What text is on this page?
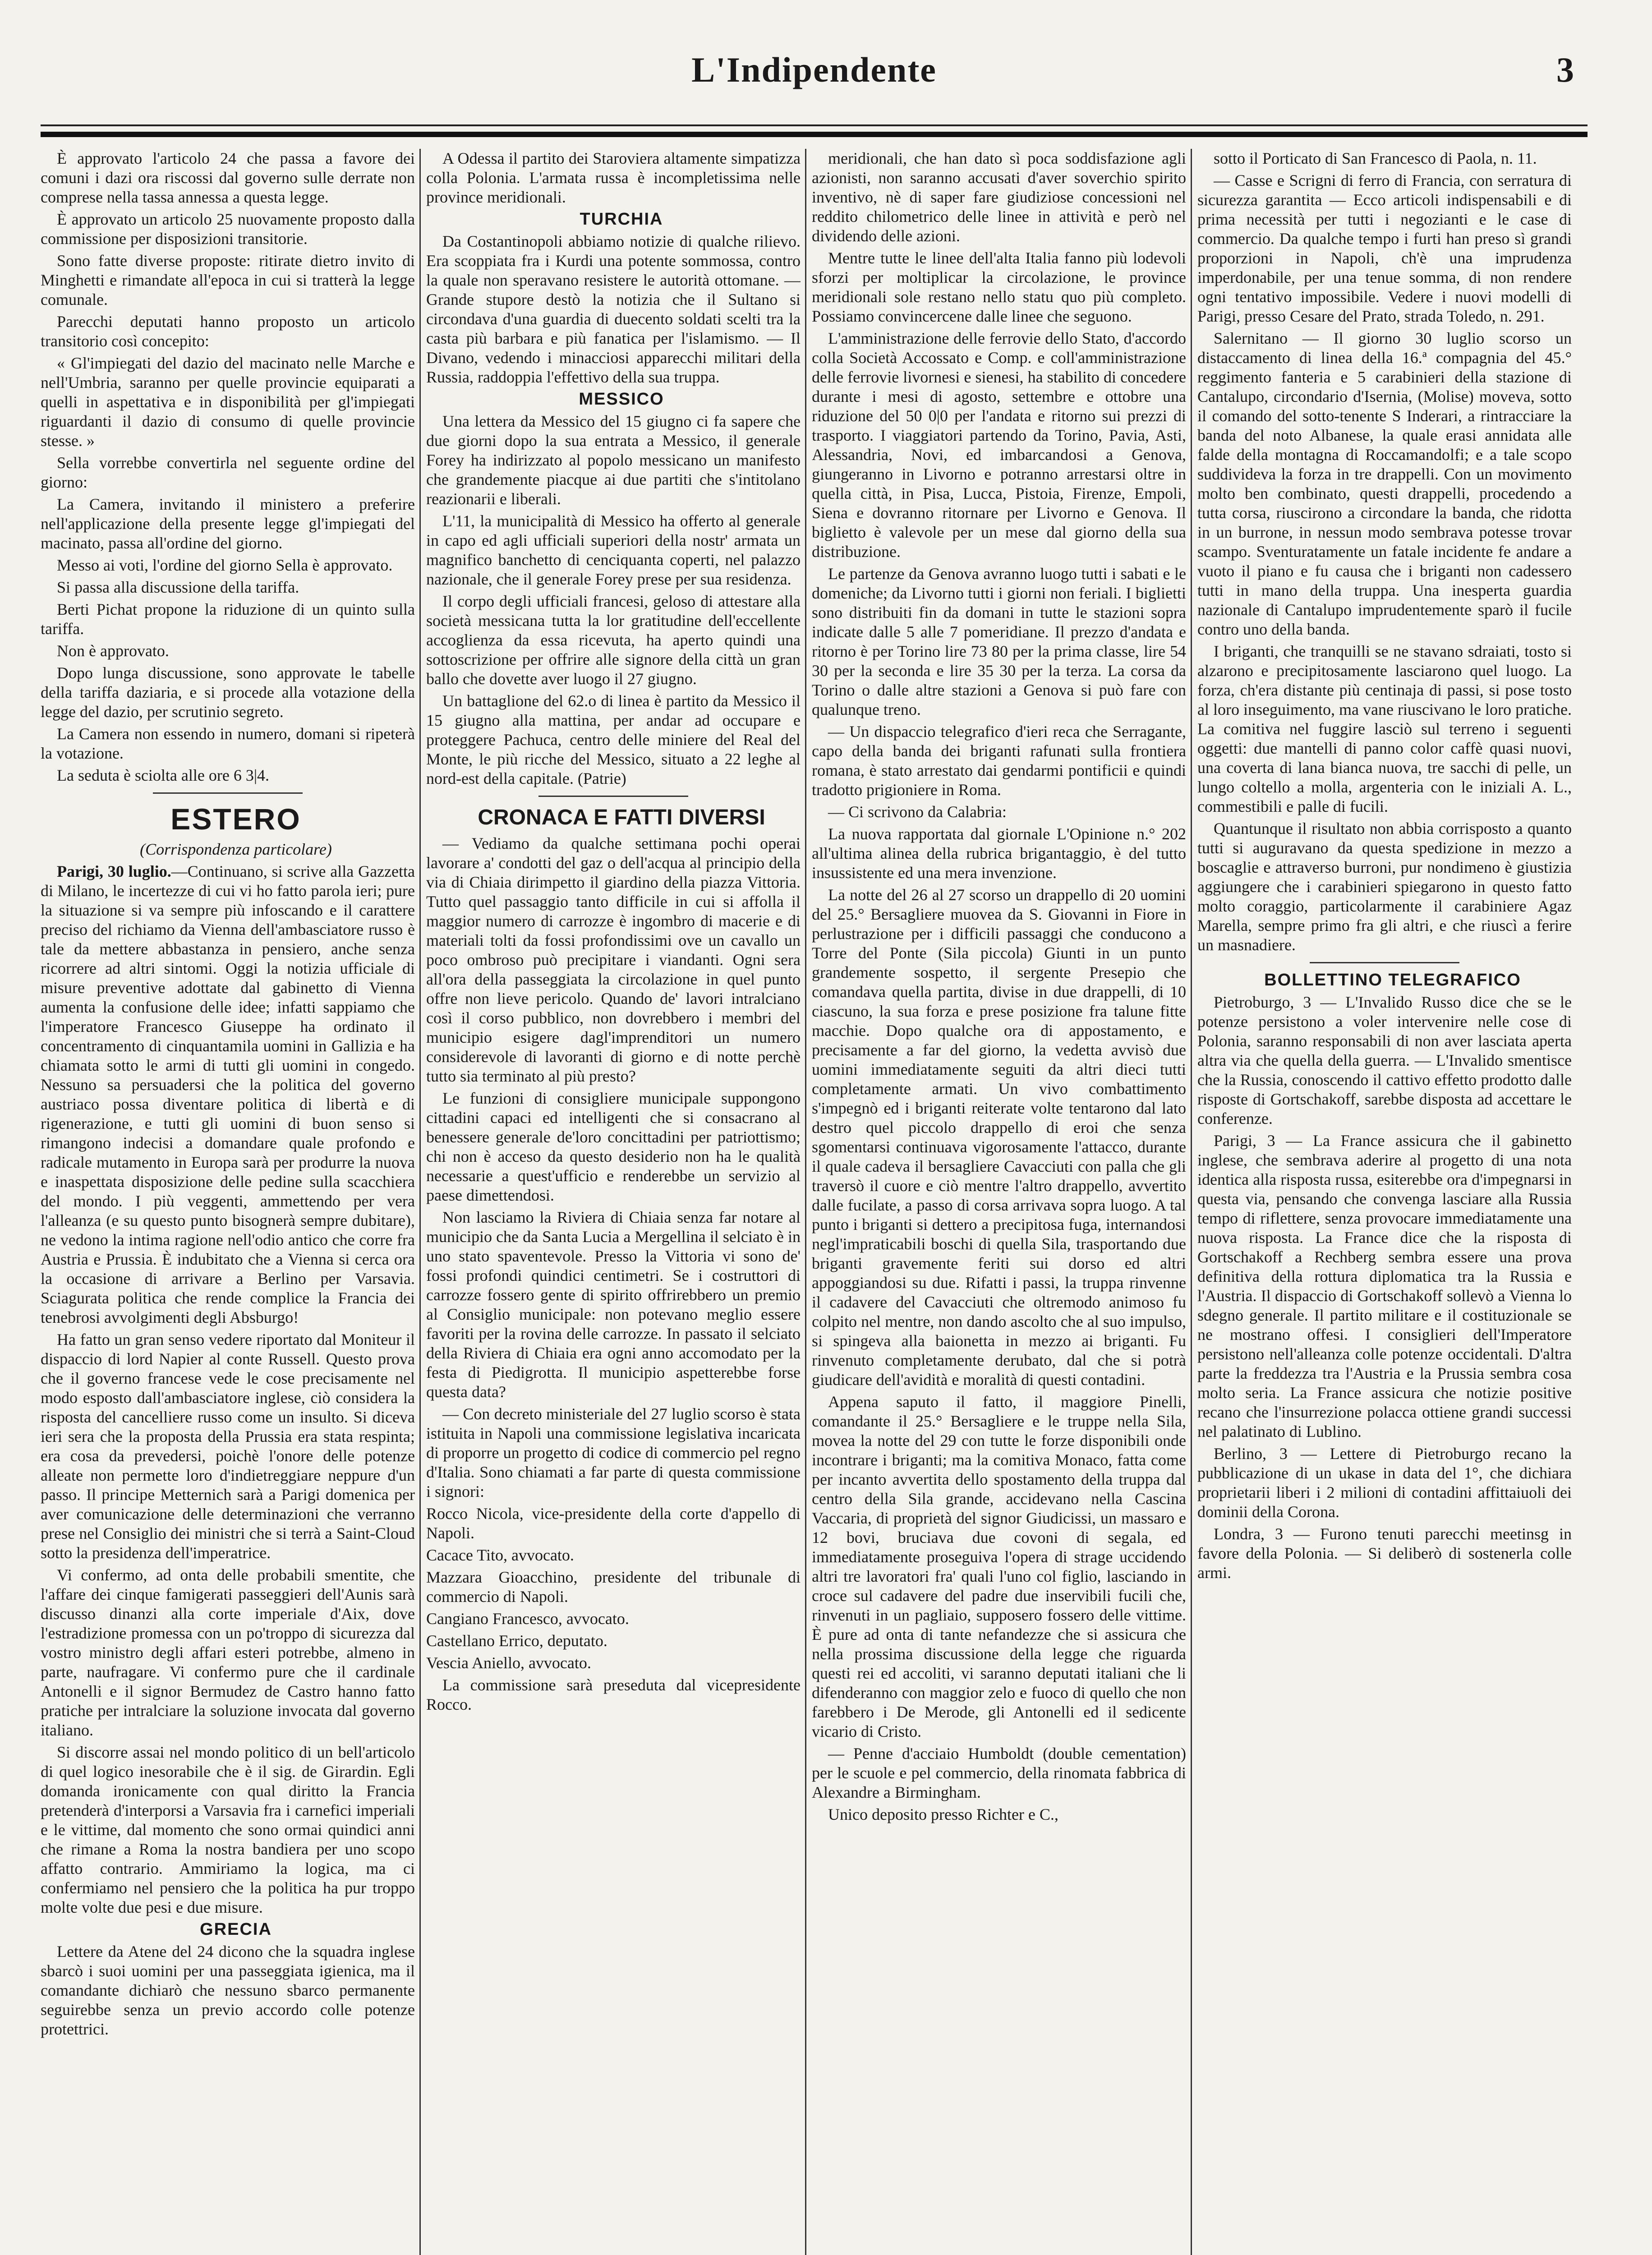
L'Indipendente	3

È approvato l'articolo 24 che passa a favore dei comuni i dazi ora riscossi dal governo sulle derrate non comprese nella tassa annessa a questa legge.

È approvato un articolo 25 nuovamente proposto dalla commissione per disposizioni transitorie.

Sono fatte diverse proposte: ritirate dietro invito di Minghetti e rimandate all'epoca in cui si tratterà la legge comunale.

Parecchi deputati hanno proposto un articolo transitorio così concepito:

« Gl'impiegati del dazio del macinato nelle Marche e nell'Umbria, saranno per quelle provincie equiparati a quelli in aspettativa e in disponibilità per gl'impiegati riguardanti il dazio di consumo di quelle provincie stesse. »

Sella vorrebbe convertirla nel seguente ordine del giorno:

La Camera, invitando il ministero a preferire nell'applicazione della presente legge gl'impiegati del macinato, passa all'ordine del giorno.

Messo ai voti, l'ordine del giorno Sella è approvato.

Si passa alla discussione della tariffa.

Berti Pichat propone la riduzione di un quinto sulla tariffa.

Non è approvato.

Dopo lunga discussione, sono approvate le tabelle della tariffa daziaria, e si procede alla votazione della legge del dazio, per scrutinio segreto.

La Camera non essendo in numero, domani si ripeterà la votazione.

La seduta è sciolta alle ore 6 3|4.

ESTERO

(Corrispondenza particolare)

Parigi, 30 luglio.—Continuano, si scrive alla Gazzetta di Milano, le incertezze di cui vi ho fatto parola ieri; pure la situazione si va sempre più infoscando e il carattere preciso del richiamo da Vienna dell'ambasciatore russo è tale da mettere abbastanza in pensiero, anche senza ricorrere ad altri sintomi. Oggi la notizia ufficiale di misure preventive adottate dal gabinetto di Vienna aumenta la confusione delle idee; infatti sappiamo che l'imperatore Francesco Giuseppe ha ordinato il concentramento di cinquantamila uomini in Gallizia e ha chiamata sotto le armi di tutti gli uomini in congedo. Nessuno sa persuadersi che la politica del governo austriaco possa diventare politica di libertà e di rigenerazione, e tutti gli uomini di buon senso si rimangono indecisi a domandare quale profondo e radicale mutamento in Europa sarà per produrre la nuova e inaspettata disposizione delle pedine sulla scacchiera del mondo. I più veggenti, ammettendo per vera l'alleanza (e su questo punto bisognerà sempre dubitare), ne vedono la intima ragione nell'odio antico che corre fra Austria e Prussia. È indubitato che a Vienna si cerca ora la occasione di arrivare a Berlino per Varsavia. Sciagurata politica che rende complice la Francia dei tenebrosi avvolgimenti degli Absburgo!

Ha fatto un gran senso vedere riportato dal Moniteur il dispaccio di lord Napier al conte Russell. Questo prova che il governo francese vede le cose precisamente nel modo esposto dall'ambasciatore inglese, ciò considera la risposta del cancelliere russo come un insulto. Si diceva ieri sera che la proposta della Prussia era stata respinta; era cosa da prevedersi, poichè l'onore delle potenze alleate non permette loro d'indietreggiare neppure d'un passo. Il principe Metternich sarà a Parigi domenica per aver comunicazione delle determinazioni che verranno prese nel Consiglio dei ministri che si terrà a Saint-Cloud sotto la presidenza dell'imperatrice.

Vi confermo, ad onta delle probabili smentite, che l'affare dei cinque famigerati passeggieri dell'Aunis sarà discusso dinanzi alla corte imperiale d'Aix, dove l'estradizione promessa con un po'troppo di sicurezza dal vostro ministro degli affari esteri potrebbe, almeno in parte, naufragare. Vi confermo pure che il cardinale Antonelli e il signor Bermudez de Castro hanno fatto pratiche per intralciare la soluzione invocata dal governo italiano.

Si discorre assai nel mondo politico di un bell'articolo di quel logico inesorabile che è il sig. de Girardin. Egli domanda ironicamente con qual diritto la Francia pretenderà d'interporsi a Varsavia fra i carnefici imperiali e le vittime, dal momento che sono ormai quindici anni che rimane a Roma la nostra bandiera per uno scopo affatto contrario. Ammiriamo la logica, ma ci confermiamo nel pensiero che la politica ha pur troppo molte volte due pesi e due misure.

GRECIA

Lettere da Atene del 24 dicono che la squadra inglese sbarcò i suoi uomini per una passeggiata igienica, ma il comandante dichiarò che nessuno sbarco permanente seguirebbe senza un previo accordo colle potenze protettrici.

A Odessa il partito dei Staroviera altamente simpatizza colla Polonia. L'armata russa è incompletissima nelle province meridionali.

TURCHIA

Da Costantinopoli abbiamo notizie di qualche rilievo. Era scoppiata fra i Kurdi una potente sommossa, contro la quale non speravano resistere le autorità ottomane. — Grande stupore destò la notizia che il Sultano si circondava d'una guardia di duecento soldati scelti tra la casta più barbara e più fanatica per l'islamismo. — Il Divano, vedendo i minacciosi apparecchi militari della Russia, raddoppia l'effettivo della sua truppa.

MESSICO

Una lettera da Messico del 15 giugno ci fa sapere che due giorni dopo la sua entrata a Messico, il generale Forey ha indirizzato al popolo messicano un manifesto che grandemente piacque ai due partiti che s'intitolano reazionarii e liberali.

L'11, la municipalità di Messico ha offerto al generale in capo ed agli ufficiali superiori della nostr' armata un magnifico banchetto di cenciquanta coperti, nel palazzo nazionale, che il generale Forey prese per sua residenza.

Il corpo degli ufficiali francesi, geloso di attestare alla società messicana tutta la lor gratitudine dell'eccellente accoglienza da essa ricevuta, ha aperto quindi una sottoscrizione per offrire alle signore della città un gran ballo che dovette aver luogo il 27 giugno.

Un battaglione del 62.o di linea è partito da Messico il 15 giugno alla mattina, per andar ad occupare e proteggere Pachuca, centro delle miniere del Real del Monte, le più ricche del Messico, situato a 22 leghe al nord-est della capitale. (Patrie)

CRONACA E FATTI DIVERSI

— Vediamo da qualche settimana pochi operai lavorare a' condotti del gaz o dell'acqua al principio della via di Chiaia dirimpetto il giardino della piazza Vittoria. Tutto quel passaggio tanto difficile in cui si affolla il maggior numero di carrozze è ingombro di macerie e di materiali tolti da fossi profondissimi ove un cavallo un poco ombroso può precipitare i viandanti. Ogni sera all'ora della passeggiata la circolazione in quel punto offre non lieve pericolo. Quando de' lavori intralciano così il corso pubblico, non dovrebbero i membri del municipio esigere dagl'imprenditori un numero considerevole di lavoranti di giorno e di notte perchè tutto sia terminato al più presto?

Le funzioni di consigliere municipale suppongono cittadini capaci ed intelligenti che si consacrano al benessere generale de'loro concittadini per patriottismo; chi non è acceso da questo desiderio non ha le qualità necessarie a quest'ufficio e renderebbe un servizio al paese dimettendosi.

Non lasciamo la Riviera di Chiaia senza far notare al municipio che da Santa Lucia a Mergellina il selciato è in uno stato spaventevole. Presso la Vittoria vi sono de' fossi profondi quindici centimetri. Se i costruttori di carrozze fossero gente di spirito offrirebbero un premio al Consiglio municipale: non potevano meglio essere favoriti per la rovina delle carrozze. In passato il selciato della Riviera di Chiaia era ogni anno accomodato per la festa di Piedigrotta. Il municipio aspetterebbe forse questa data?

— Con decreto ministeriale del 27 luglio scorso è stata istituita in Napoli una commissione legislativa incaricata di proporre un progetto di codice di commercio pel regno d'Italia. Sono chiamati a far parte di questa commissione i signori:

Rocco Nicola, vice-presidente della corte d'appello di Napoli.

Cacace Tito, avvocato.

Mazzara Gioacchino, presidente del tribunale di commercio di Napoli.

Cangiano Francesco, avvocato.

Castellano Errico, deputato.

Vescia Aniello, avvocato.

La commissione sarà preseduta dal vicepresidente Rocco.

meridionali, che han dato sì poca soddisfazione agli azionisti, non saranno accusati d'aver soverchio spirito inventivo, nè di saper fare giudiziose concessioni nel reddito chilometrico delle linee in attività e però nel dividendo delle azioni.

Mentre tutte le linee dell'alta Italia fanno più lodevoli sforzi per moltiplicar la circolazione, le province meridionali sole restano nello statu quo più completo. Possiamo convincercene dalle linee che seguono.

L'amministrazione delle ferrovie dello Stato, d'accordo colla Società Accossato e Comp. e coll'amministrazione delle ferrovie livornesi e sienesi, ha stabilito di concedere durante i mesi di agosto, settembre e ottobre una riduzione del 50 0|0 per l'andata e ritorno sui prezzi di trasporto. I viaggiatori partendo da Torino, Pavia, Asti, Alessandria, Novi, ed imbarcandosi a Genova, giungeranno in Livorno e potranno arrestarsi oltre in quella città, in Pisa, Lucca, Pistoia, Firenze, Empoli, Siena e dovranno ritornare per Livorno e Genova. Il biglietto è valevole per un mese dal giorno della sua distribuzione.

Le partenze da Genova avranno luogo tutti i sabati e le domeniche; da Livorno tutti i giorni non feriali. I biglietti sono distribuiti fin da domani in tutte le stazioni sopra indicate dalle 5 alle 7 pomeridiane. Il prezzo d'andata e ritorno è per Torino lire 73 80 per la prima classe, lire 54 30 per la seconda e lire 35 30 per la terza. La corsa da Torino o dalle altre stazioni a Genova si può fare con qualunque treno.

— Un dispaccio telegrafico d'ieri reca che Serragante, capo della banda dei briganti rafunati sulla frontiera romana, è stato arrestato dai gendarmi pontificii e quindi tradotto prigioniere in Roma.

— Ci scrivono da Calabria:

La nuova rapportata dal giornale L'Opinione n.° 202 all'ultima alinea della rubrica brigantaggio, è del tutto insussistente ed una mera invenzione.

La notte del 26 al 27 scorso un drappello di 20 uomini del 25.° Bersagliere muovea da S. Giovanni in Fiore in perlustrazione per i difficili passaggi che conducono a Torre del Ponte (Sila piccola) Giunti in un punto grandemente sospetto, il sergente Presepio che comandava quella partita, divise in due drappelli, di 10 ciascuno, la sua forza e prese posizione fra talune fitte macchie. Dopo qualche ora di appostamento, e precisamente a far del giorno, la vedetta avvisò due uomini immediatamente seguiti da altri dieci tutti completamente armati. Un vivo combattimento s'impegnò ed i briganti reiterate volte tentarono dal lato destro quel piccolo drappello di eroi che senza sgomentarsi continuava vigorosamente l'attacco, durante il quale cadeva il bersagliere Cavacciuti con palla che gli traversò il cuore e ciò mentre l'altro drappello, avvertito dalle fucilate, a passo di corsa arrivava sopra luogo. A tal punto i briganti si dettero a precipitosa fuga, internandosi negl'impraticabili boschi di quella Sila, trasportando due briganti gravemente feriti sui dorso ed altri appoggiandosi su due. Rifatti i passi, la truppa rinvenne il cadavere del Cavacciuti che oltremodo animoso fu colpito nel mentre, non dando ascolto che al suo impulso, si spingeva alla baionetta in mezzo ai briganti. Fu rinvenuto completamente derubato, dal che si potrà giudicare dell'avidità e moralità di questi contadini.

Appena saputo il fatto, il maggiore Pinelli, comandante il 25.° Bersagliere e le truppe nella Sila, movea la notte del 29 con tutte le forze disponibili onde incontrare i briganti; ma la comitiva Monaco, fatta come per incanto avvertita dello spostamento della truppa dal centro della Sila grande, accidevano nella Cascina Vaccaria, di proprietà del signor Giudicissi, un massaro e 12 bovi, bruciava due covoni di segala, ed immediatamente proseguiva l'opera di strage uccidendo altri tre lavoratori fra' quali l'uno col figlio, lasciando in croce sul cadavere del padre due inservibili fucili che, rinvenuti in un pagliaio, supposero fossero delle vittime. È pure ad onta di tante nefandezze che si assicura che nella prossima discussione della legge che riguarda questi rei ed accoliti, vi saranno deputati italiani che li difenderanno con maggior zelo e fuoco di quello che non farebbero i De Merode, gli Antonelli ed il sedicente vicario di Cristo.

— Penne d'acciaio Humboldt (double cementation) per le scuole e pel commercio, della rinomata fabbrica di Alexandre a Birmingham.

Unico deposito presso Richter e C.,

sotto il Porticato di San Francesco di Paola, n. 11.

— Casse e Scrigni di ferro di Francia, con serratura di sicurezza garantita — Ecco articoli indispensabili e di prima necessità per tutti i negozianti e le case di commercio. Da qualche tempo i furti han preso sì grandi proporzioni in Napoli, ch'è una imprudenza imperdonabile, per una tenue somma, di non rendere ogni tentativo impossibile. Vedere i nuovi modelli di Parigi, presso Cesare del Prato, strada Toledo, n. 291.

Salernitano — Il giorno 30 luglio scorso un distaccamento di linea della 16.ª compagnia del 45.° reggimento fanteria e 5 carabinieri della stazione di Cantalupo, circondario d'Isernia, (Molise) moveva, sotto il comando del sotto-tenente S Inderari, a rintracciare la banda del noto Albanese, la quale erasi annidata alle falde della montagna di Roccamandolfi; e a tale scopo suddivideva la forza in tre drappelli. Con un movimento molto ben combinato, questi drappelli, procedendo a tutta corsa, riuscirono a circondare la banda, che ridotta in un burrone, in nessun modo sembrava potesse trovar scampo. Sventuratamente un fatale incidente fe andare a vuoto il piano e fu causa che i briganti non cadessero tutti in mano della truppa. Una inesperta guardia nazionale di Cantalupo imprudentemente sparò il fucile contro uno della banda.

I briganti, che tranquilli se ne stavano sdraiati, tosto si alzarono e precipitosamente lasciarono quel luogo. La forza, ch'era distante più centinaja di passi, si pose tosto al loro inseguimento, ma vane riuscivano le loro pratiche. La comitiva nel fuggire lasciò sul terreno i seguenti oggetti: due mantelli di panno color caffè quasi nuovi, una coverta di lana bianca nuova, tre sacchi di pelle, un lungo coltello a molla, argenteria con le iniziali A. L., commestibili e palle di fucili.

Quantunque il risultato non abbia corrisposto a quanto tutti si auguravano da questa spedizione in mezzo a boscaglie e attraverso burroni, pur nondimeno è giustizia aggiungere che i carabinieri spiegarono in questo fatto molto coraggio, particolarmente il carabiniere Agaz Marella, sempre primo fra gli altri, e che riuscì a ferire un masnadiere.

BOLLETTINO TELEGRAFICO

Pietroburgo, 3 — L'Invalido Russo dice che se le potenze persistono a voler intervenire nelle cose di Polonia, saranno responsabili di non aver lasciata aperta altra via che quella della guerra. — L'Invalido smentisce che la Russia, conoscendo il cattivo effetto prodotto dalle risposte di Gortschakoff, sarebbe disposta ad accettare le conferenze.

Parigi, 3 — La France assicura che il gabinetto inglese, che sembrava aderire al progetto di una nota identica alla risposta russa, esiterebbe ora d'impegnarsi in questa via, pensando che convenga lasciare alla Russia tempo di riflettere, senza provocare immediatamente una nuova risposta. La France dice che la risposta di Gortschakoff a Rechberg sembra essere una prova definitiva della rottura diplomatica tra la Russia e l'Austria. Il dispaccio di Gortschakoff sollevò a Vienna lo sdegno generale. Il partito militare e il costituzionale se ne mostrano offesi. I consiglieri dell'Imperatore persistono nell'alleanza colle potenze occidentali. D'altra parte la freddezza tra l'Austria e la Prussia sembra cosa molto seria. La France assicura che notizie positive recano che l'insurrezione polacca ottiene grandi successi nel palatinato di Lublino.

Berlino, 3 — Lettere di Pietroburgo recano la pubblicazione di un ukase in data del 1°, che dichiara proprietarii liberi i 2 milioni di contadini affittaiuoli dei dominii della Corona.

Londra, 3 — Furono tenuti parecchi meetinsg in favore della Polonia. — Si deliberò di sostenerla colle armi.
